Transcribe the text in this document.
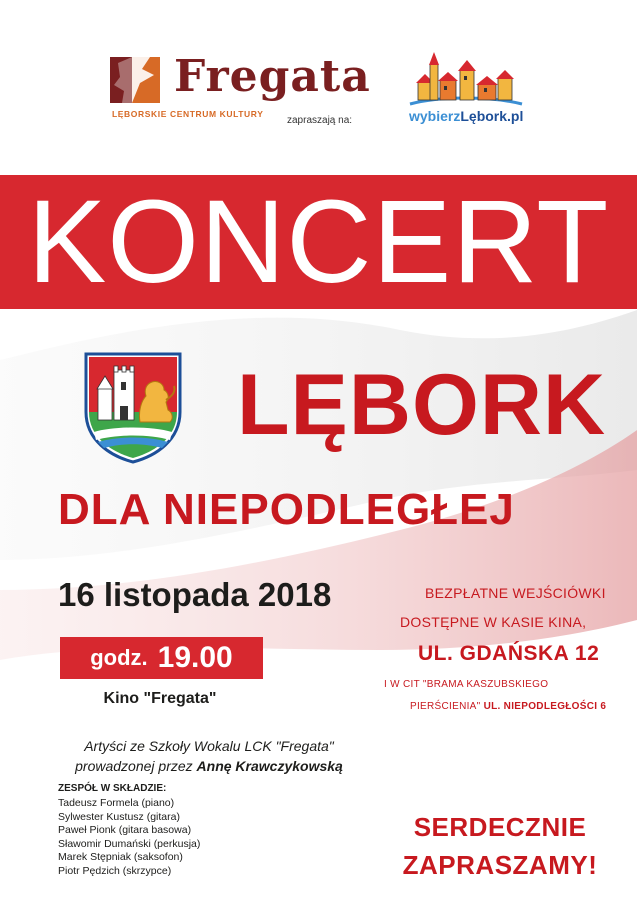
Fregata
LĘBORSKIE CENTRUM KULTURY
zapraszają na:	wybierzLębork.pl
KONCERT
LĘBORK
DLA NIEPODLEGŁEJ
16 listopada 2018
godz. 19.00
Kino "Fregata"
BEZPŁATNE WEJŚCIÓWKI
DOSTĘPNE W KASIE KINA,
UL. GDAŃSKA 12
I W CIT "BRAMA KASZUBSKIEGO
PIERŚCIENIA" UL. NIEPODLEGŁOŚCI 6
Artyści ze Szkoły Wokalu LCK "Fregata"
prowadzonej przez Annę Krawczykowską
ZESPÓŁ W SKŁADZIE:
Tadeusz Formela (piano)
Sylwester Kustusz (gitara)
Paweł Pionk (gitara basowa)
Sławomir Dumański (perkusja)
Marek Stępniak (saksofon)
Piotr Pędzich (skrzypce)
SERDECZNIE
ZAPRASZAMY!
